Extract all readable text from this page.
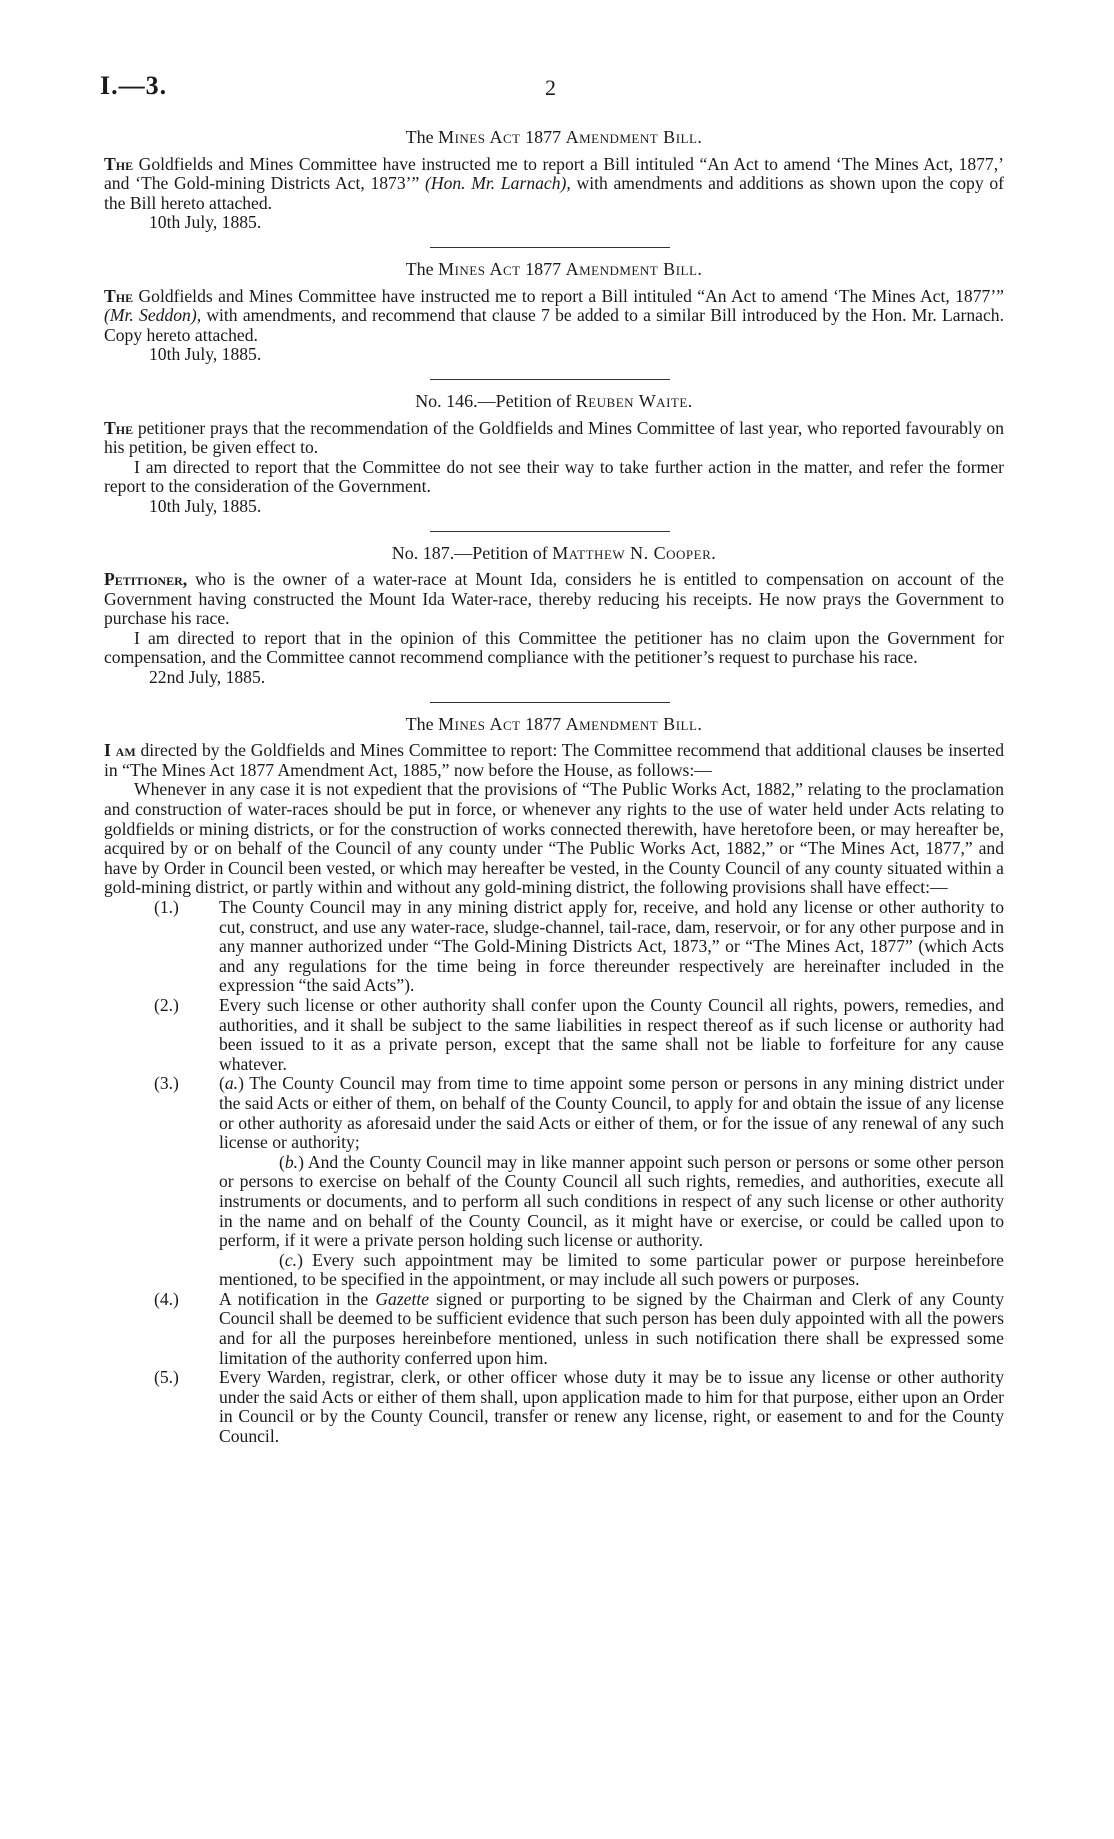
I.—3.	2
The Mines Act 1877 Amendment Bill.

The Goldfields and Mines Committee have instructed me to report a Bill intituled “An Act to amend ‘The Mines Act, 1877,’ and ‘The Gold-mining Districts Act, 1873’” (Hon. Mr. Larnach), with amendments and additions as shown upon the copy of the Bill hereto attached.

10th July, 1885.

The Mines Act 1877 Amendment Bill.

The Goldfields and Mines Committee have instructed me to report a Bill intituled “An Act to amend ‘The Mines Act, 1877’” (Mr. Seddon), with amendments, and recommend that clause 7 be added to a similar Bill introduced by the Hon. Mr. Larnach. Copy hereto attached.

10th July, 1885.

No. 146.—Petition of Reuben Waite.

The petitioner prays that the recommendation of the Goldfields and Mines Committee of last year, who reported favourably on his petition, be given effect to.

I am directed to report that the Committee do not see their way to take further action in the matter, and refer the former report to the consideration of the Government.

10th July, 1885.

No. 187.—Petition of Matthew N. Cooper.

Petitioner, who is the owner of a water-race at Mount Ida, considers he is entitled to compensation on account of the Government having constructed the Mount Ida Water-race, thereby reducing his receipts. He now prays the Government to purchase his race.

I am directed to report that in the opinion of this Committee the petitioner has no claim upon the Government for compensation, and the Committee cannot recommend compliance with the petitioner’s request to purchase his race.

22nd July, 1885.

The Mines Act 1877 Amendment Bill.

I am directed by the Goldfields and Mines Committee to report: The Committee recommend that additional clauses be inserted in “The Mines Act 1877 Amendment Act, 1885,” now before the House, as follows:—

Whenever in any case it is not expedient that the provisions of “The Public Works Act, 1882,” relating to the proclamation and construction of water-races should be put in force, or whenever any rights to the use of water held under Acts relating to goldfields or mining districts, or for the construction of works connected therewith, have heretofore been, or may hereafter be, acquired by or on behalf of the Council of any county under “The Public Works Act, 1882,” or “The Mines Act, 1877,” and have by Order in Council been vested, or which may hereafter be vested, in the County Council of any county situated within a gold-mining district, or partly within and without any gold-mining district, the following provisions shall have effect:—

(1.) The County Council may in any mining district apply for, receive, and hold any license or other authority to cut, construct, and use any water-race, sludge-channel, tail-race, dam, reservoir, or for any other purpose and in any manner authorized under “The Gold-Mining Districts Act, 1873,” or “The Mines Act, 1877” (which Acts and any regulations for the time being in force thereunder respectively are hereinafter included in the expression “the said Acts”).
(2.) Every such license or other authority shall confer upon the County Council all rights, powers, remedies, and authorities, and it shall be subject to the same liabilities in respect thereof as if such license or authority had been issued to it as a private person, except that the same shall not be liable to forfeiture for any cause whatever.
(3.) (a.) The County Council may from time to time appoint some person or persons in any mining district under the said Acts or either of them, on behalf of the County Council, to apply for and obtain the issue of any license or other authority as aforesaid under the said Acts or either of them, or for the issue of any renewal of any such license or authority;

(b.) And the County Council may in like manner appoint such person or persons or some other person or persons to exercise on behalf of the County Council all such rights, remedies, and authorities, execute all instruments or documents, and to perform all such conditions in respect of any such license or other authority in the name and on behalf of the County Council, as it might have or exercise, or could be called upon to perform, if it were a private person holding such license or authority.

(c.) Every such appointment may be limited to some particular power or purpose hereinbefore mentioned, to be specified in the appointment, or may include all such powers or purposes.

(4.) A notification in the Gazette signed or purporting to be signed by the Chairman and Clerk of any County Council shall be deemed to be sufficient evidence that such person has been duly appointed with all the powers and for all the purposes hereinbefore mentioned, unless in such notification there shall be expressed some limitation of the authority conferred upon him.
(5.) Every Warden, registrar, clerk, or other officer whose duty it may be to issue any license or other authority under the said Acts or either of them shall, upon application made to him for that purpose, either upon an Order in Council or by the County Council, transfer or renew any license, right, or easement to and for the County Council.
